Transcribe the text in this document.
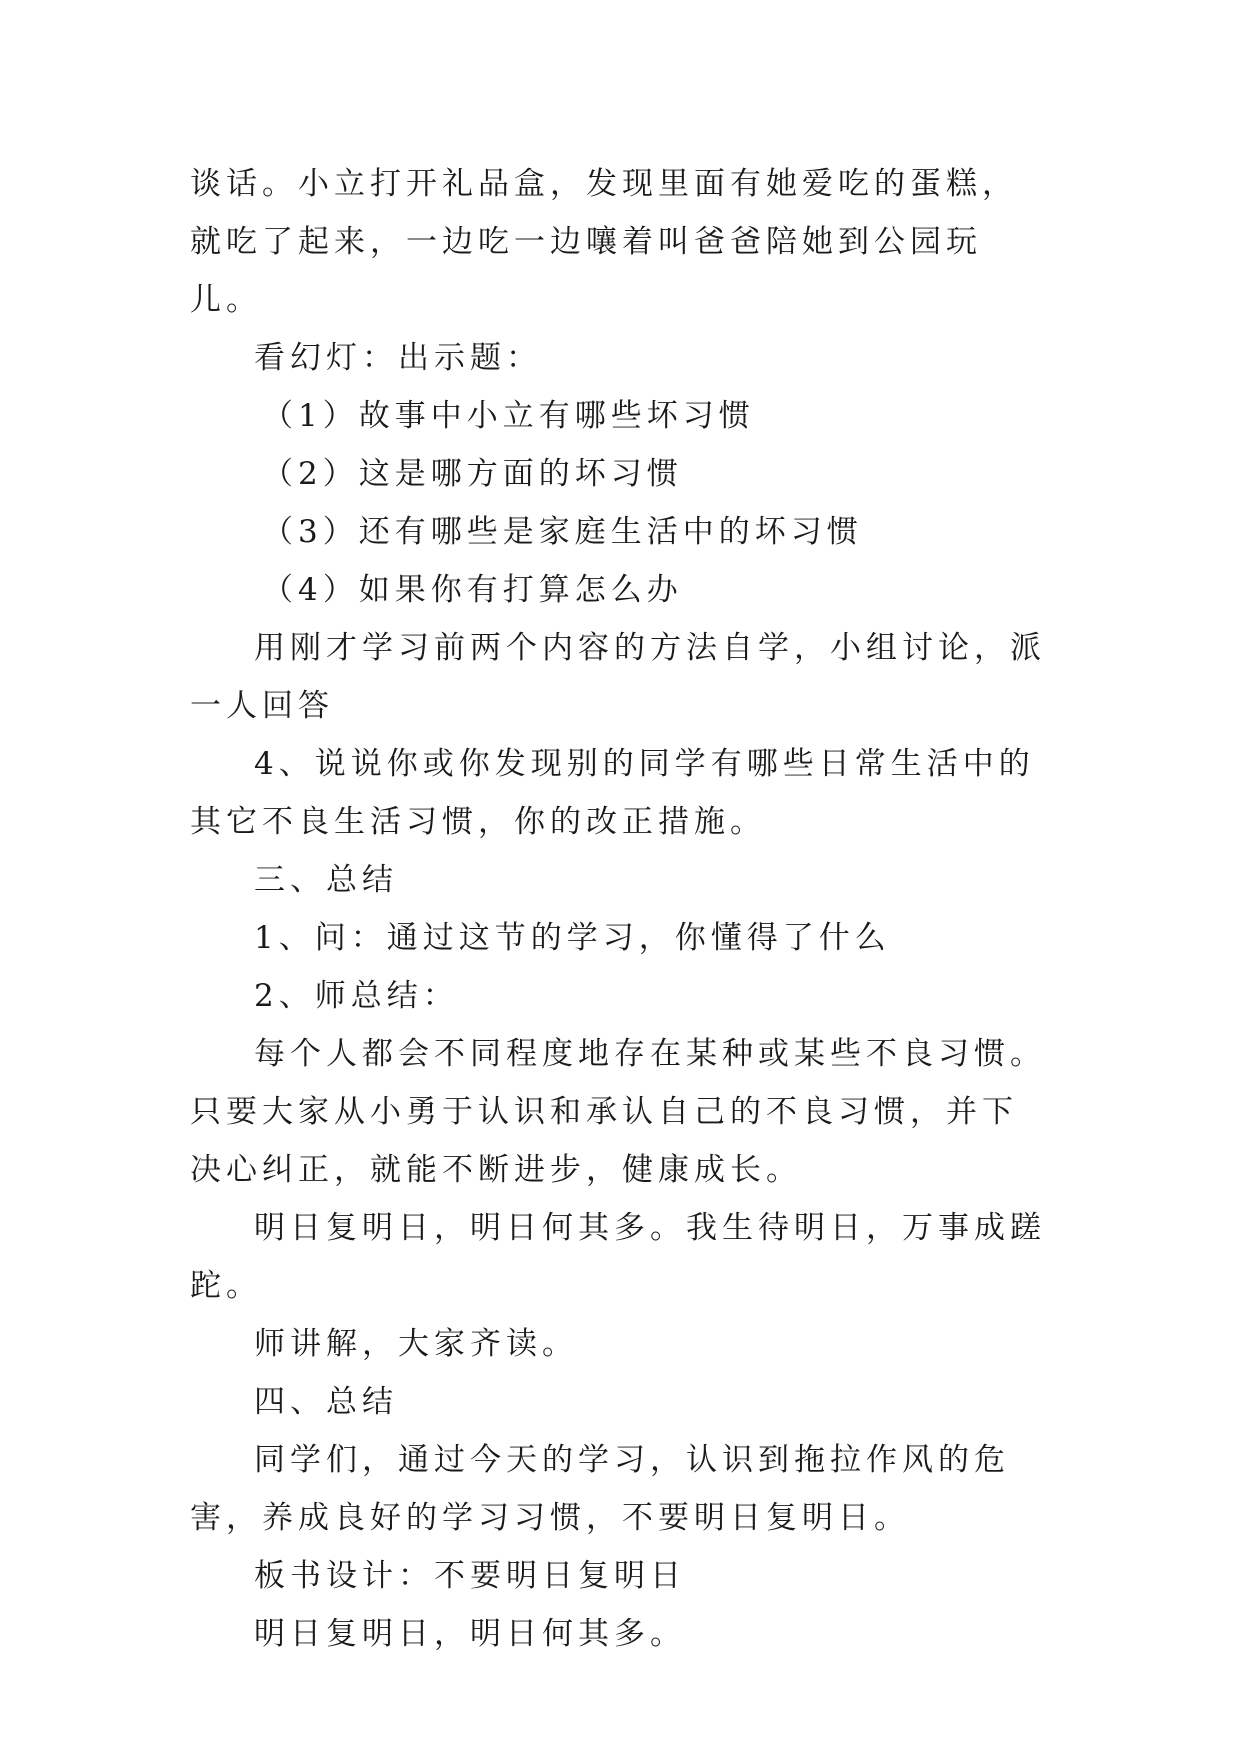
谈话。小立打开礼品盒，发现里面有她爱吃的蛋糕，就吃了起来，一边吃一边嚷着叫爸爸陪她到公园玩儿。

看幻灯：出示题：

（1）故事中小立有哪些坏习惯

（2）这是哪方面的坏习惯

（3）还有哪些是家庭生活中的坏习惯

（4）如果你有打算怎么办

用刚才学习前两个内容的方法自学，小组讨论，派一人回答

4、说说你或你发现别的同学有哪些日常生活中的其它不良生活习惯，你的改正措施。

三、总结

1、问：通过这节的学习，你懂得了什么

2、师总结：

每个人都会不同程度地存在某种或某些不良习惯。只要大家从小勇于认识和承认自己的不良习惯，并下决心纠正，就能不断进步，健康成长。

明日复明日，明日何其多。我生待明日，万事成蹉跎。

师讲解，大家齐读。

四、总结

同学们，通过今天的学习，认识到拖拉作风的危害，养成良好的学习习惯，不要明日复明日。

板书设计：不要明日复明日

明日复明日，明日何其多。
